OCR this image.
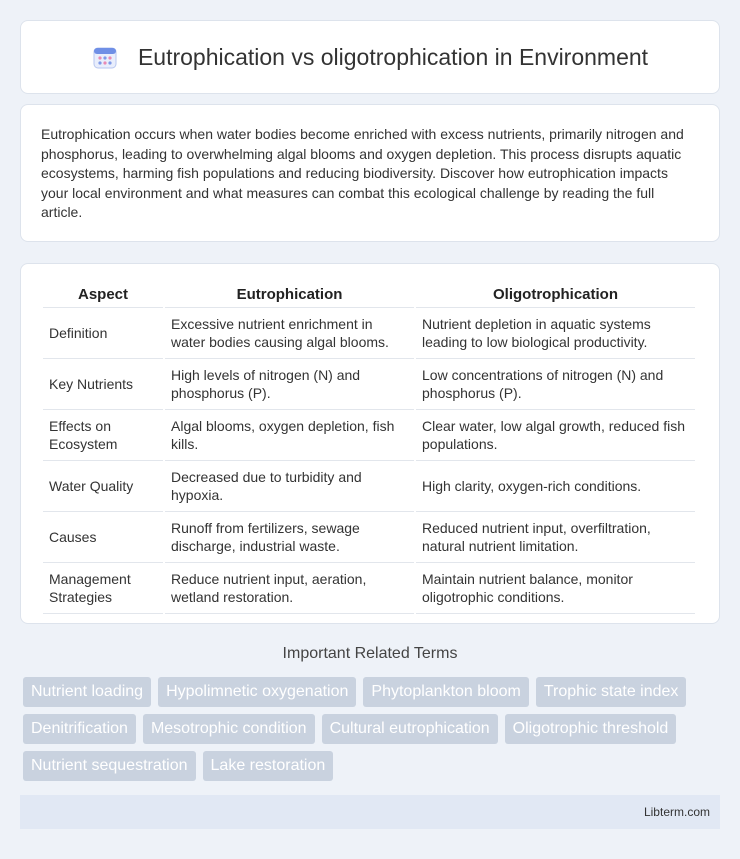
Eutrophication vs oligotrophication in Environment

Eutrophication occurs when water bodies become enriched with excess nutrients, primarily nitrogen and phosphorus, leading to overwhelming algal blooms and oxygen depletion. This process disrupts aquatic ecosystems, harming fish populations and reducing biodiversity. Discover how eutrophication impacts your local environment and what measures can combat this ecological challenge by reading the full article.

Aspect	Eutrophication	Oligotrophication
Definition	Excessive nutrient enrichment in water bodies causing algal blooms.	Nutrient depletion in aquatic systems leading to low biological productivity.
Key Nutrients	High levels of nitrogen (N) and phosphorus (P).	Low concentrations of nitrogen (N) and phosphorus (P).
Effects on Ecosystem	Algal blooms, oxygen depletion, fish kills.	Clear water, low algal growth, reduced fish populations.
Water Quality	Decreased due to turbidity and hypoxia.	High clarity, oxygen-rich conditions.
Causes	Runoff from fertilizers, sewage discharge, industrial waste.	Reduced nutrient input, overfiltration, natural nutrient limitation.
Management Strategies	Reduce nutrient input, aeration, wetland restoration.	Maintain nutrient balance, monitor oligotrophic conditions.
Important Related Terms
Nutrient loading	Hypolimnetic oxygenation	Phytoplankton bloom	Trophic state index
Denitrification	Mesotrophic condition	Cultural eutrophication	Oligotrophic threshold
Nutrient sequestration	Lake restoration
Libterm.com
